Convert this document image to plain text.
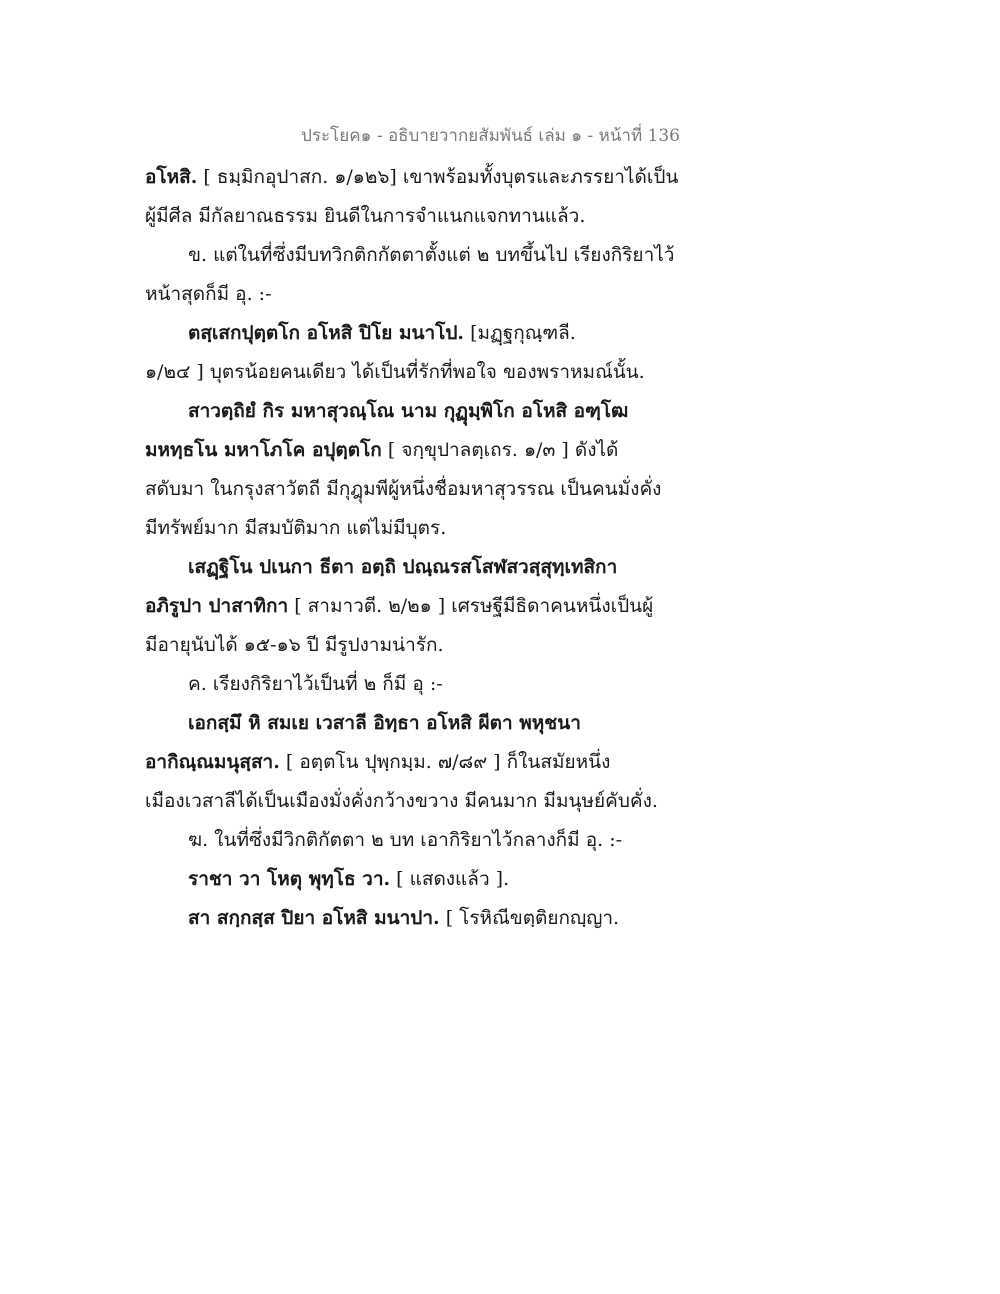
ประโยค๑ - อธิบายวากยสัมพันธ์ เล่ม ๑ - หน้าที่ 136
อโหสิ. [ ธมฺมิกอุปาสก. ๑/๑๒๖] เขาพร้อมทั้งบุตรและภรรยาได้เป็น
ผู้มีศีล มีกัลยาณธรรม ยินดีในการจำแนกแจกทานแล้ว.
ข. แต่ในที่ซึ่งมีบทวิกติกกัตตาตั้งแต่ ๒ บทขึ้นไป เรียงกิริยาไว้
หน้าสุดก็มี อุ. :-
ตสฺเสกปุตฺตโก อโหสิ ปิโย มนาโป. [มฏฺฐกุณฺฑลี.
๑/๒๔ ] บุตรน้อยคนเดียว ได้เป็นที่รักที่พอใจ ของพราหมณ์นั้น.
สาวตฺถิยํ กิร มหาสุวณฺโณ นาม กุฏุมฺพิโก อโหสิ อฑฺโฒ
มหทฺธโน มหาโภโค อปุตฺตโก [ จกฺขุปาลตฺเถร. ๑/๓ ] ดังได้
สดับมา ในกรุงสาวัตถี มีกุฎุมพีผู้หนึ่งชื่อมหาสุวรรณ เป็นคนมั่งคั่ง
มีทรัพย์มาก มีสมบัติมาก แต่ไม่มีบุตร.
เสฏฺฐิโน ปเนกา ธีตา อตฺถิ ปณฺณรสโสฬสวสฺสุทฺเทสิกา
อภิรูปา ปาสาทิกา [ สามาวตี. ๒/๒๑ ] เศรษฐีมีธิดาคนหนึ่งเป็นผู้
มีอายุนับได้ ๑๕-๑๖ ปี มีรูปงามน่ารัก.
ค. เรียงกิริยาไว้เป็นที่ ๒ ก็มี อุ :-
เอกสฺมึ หิ สมเย เวสาลี อิทฺธา อโหสิ ผีตา พหุชนา
อากิณฺณมนุสฺสา. [ อตฺตโน ปุพฺกมฺม. ๗/๘๙ ] ก็ในสมัยหนึ่ง
เมืองเวสาลีได้เป็นเมืองมั่งคั่งกว้างขวาง มีคนมาก มีมนุษย์คับคั่ง.
ฆ. ในที่ซึ่งมีวิกติกัตตา ๒ บท เอากิริยาไว้กลางก็มี อุ. :-
ราชา วา โหตุ พุทฺโธ วา. [ แสดงแล้ว ].
สา สกฺกสฺส ปิยา อโหสิ มนาปา. [ โรหิณีขตฺติยกญฺญา.
